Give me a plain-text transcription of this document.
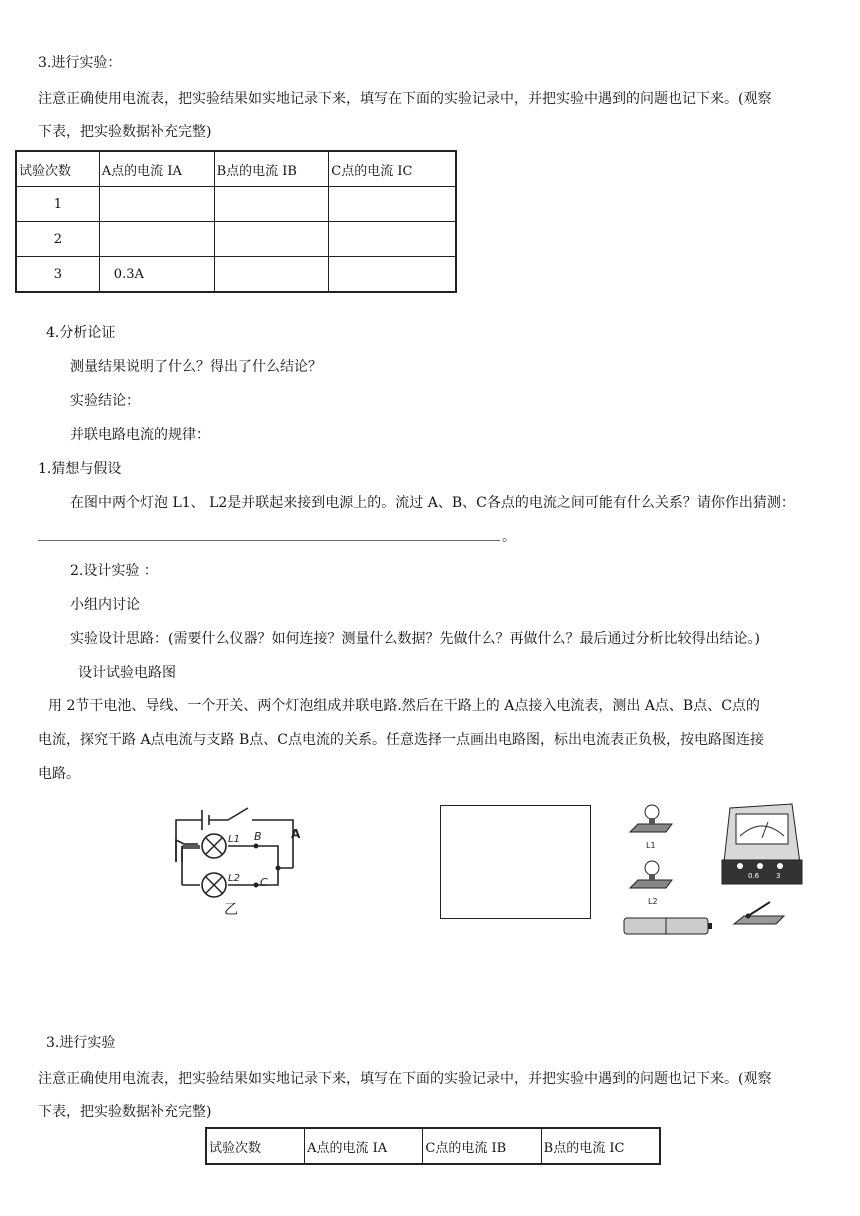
3.进行实验：
注意正确使用电流表，把实验结果如实地记录下来，填写在下面的实验记录中，并把实验中遇到的问题也记下来。(观察
下表，把实验数据补充完整)
试验次数	A点的电流 IA	B点的电流 IB	C点的电流 IC
1			
2			
3	0.3A		
4.分析论证
测量结果说明了什么？得出了什么结论？
实验结论：
并联电路电流的规律：
1.猜想与假设
在图中两个灯泡 L1、 L2是并联起来接到电源上的。流过 A、B、C各点的电流之间可能有什么关系？请你作出猜测：
。
2.设计实验 ：
小组内讨论
实验设计思路：(需要什么仪器？如何连接？测量什么数据？先做什么？再做什么？最后通过分析比较得出结论。)
设计试验电路图
用 2节干电池、导线、一个开关、两个灯泡组成并联电路.然后在干路上的 A点接入电流表，测出 A点、B点、C点的
电流，探究干路 A点电流与支路 B点、C点电流的关系。任意选择一点画出电路图，标出电流表正负极，按电路图连接
电路。
L1
L2
B
C
A
乙
L1
L2
0.6 3
3.进行实验
注意正确使用电流表，把实验结果如实地记录下来，填写在下面的实验记录中，并把实验中遇到的问题也记下来。(观察
下表，把实验数据补充完整)
试验次数	A点的电流 IA	C点的电流 IB	B点的电流 IC
